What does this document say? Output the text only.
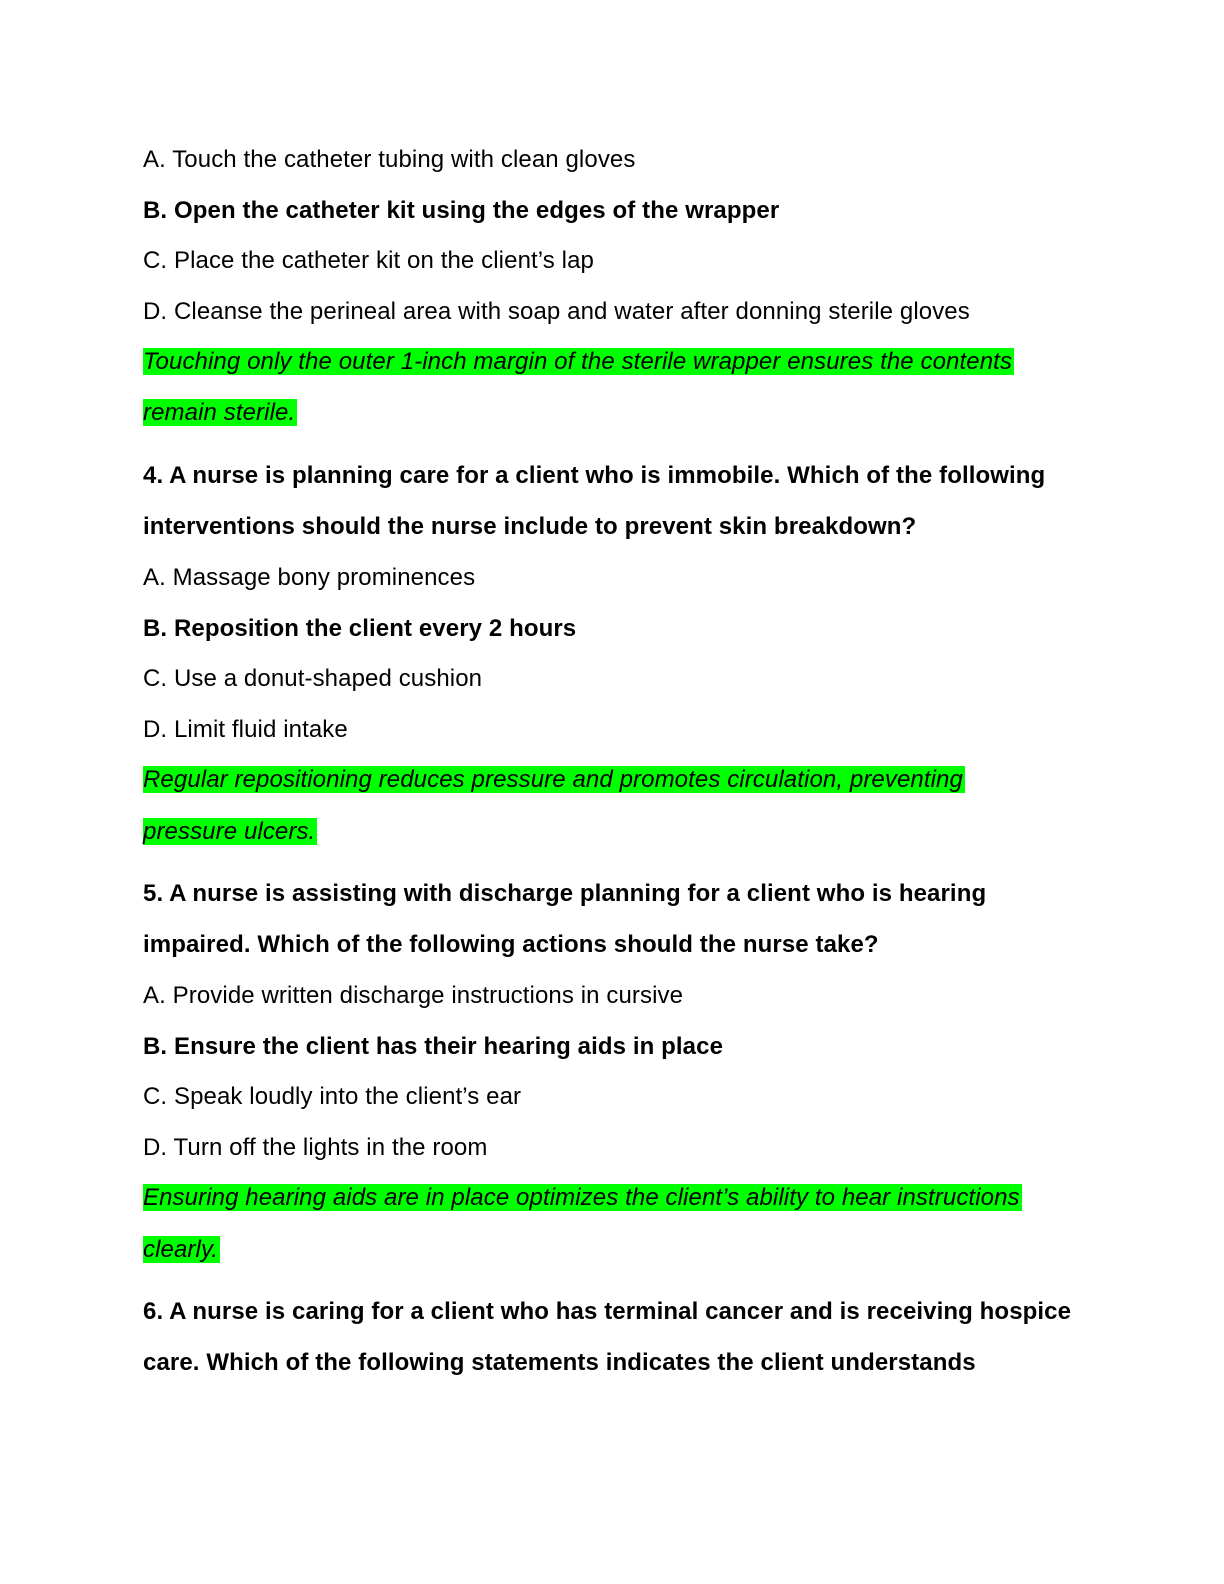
A. Touch the catheter tubing with clean gloves
B. Open the catheter kit using the edges of the wrapper
C. Place the catheter kit on the client’s lap
D. Cleanse the perineal area with soap and water after donning sterile gloves
Touching only the outer 1-inch margin of the sterile wrapper ensures the contents
remain sterile.
4. A nurse is planning care for a client who is immobile. Which of the following
interventions should the nurse include to prevent skin breakdown?
A. Massage bony prominences
B. Reposition the client every 2 hours
C. Use a donut-shaped cushion
D. Limit fluid intake
Regular repositioning reduces pressure and promotes circulation, preventing
pressure ulcers.
5. A nurse is assisting with discharge planning for a client who is hearing
impaired. Which of the following actions should the nurse take?
A. Provide written discharge instructions in cursive
B. Ensure the client has their hearing aids in place
C. Speak loudly into the client’s ear
D. Turn off the lights in the room
Ensuring hearing aids are in place optimizes the client’s ability to hear instructions
clearly.
6. A nurse is caring for a client who has terminal cancer and is receiving hospice
care. Which of the following statements indicates the client understands
